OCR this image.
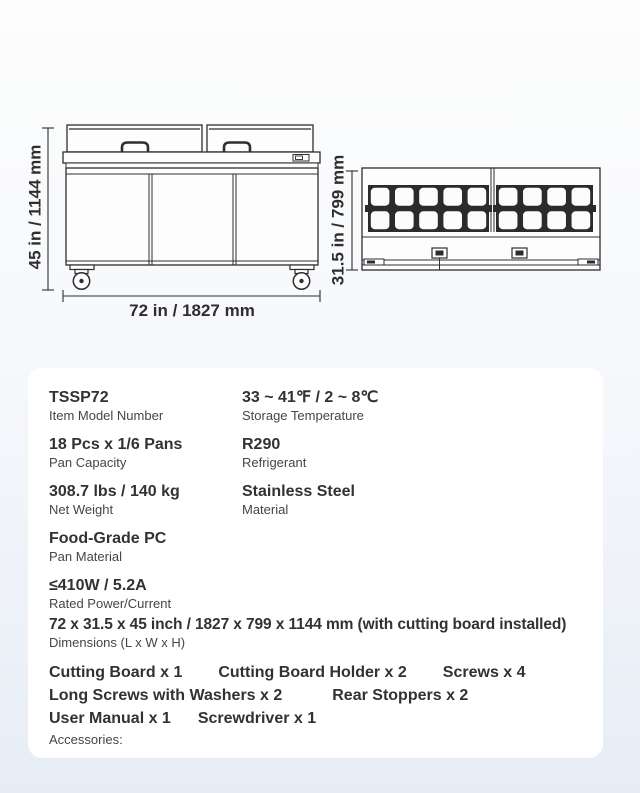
45 in / 1144 mm
72 in / 1827 mm
31.5 in / 799 mm
TSSP72
Item Model Number
33 ~ 41℉ / 2 ~ 8℃
Storage Temperature
18 Pcs x 1/6 Pans
Pan Capacity
R290
Refrigerant
308.7 lbs / 140 kg
Net Weight
Stainless Steel
Material
Food-Grade PC
Pan Material
≤410W / 5.2A
Rated Power/Current
72 x 31.5 x 45 inch / 1827 x 799 x 1144 mm (with cutting board installed)
Dimensions (L x W x H)
Cutting Board x 1 Cutting Board Holder x 2 Screws x 4
Long Screws with Washers x 2	Rear Stoppers x 2
User Manual x 1 Screwdriver x 1
Accessories:
